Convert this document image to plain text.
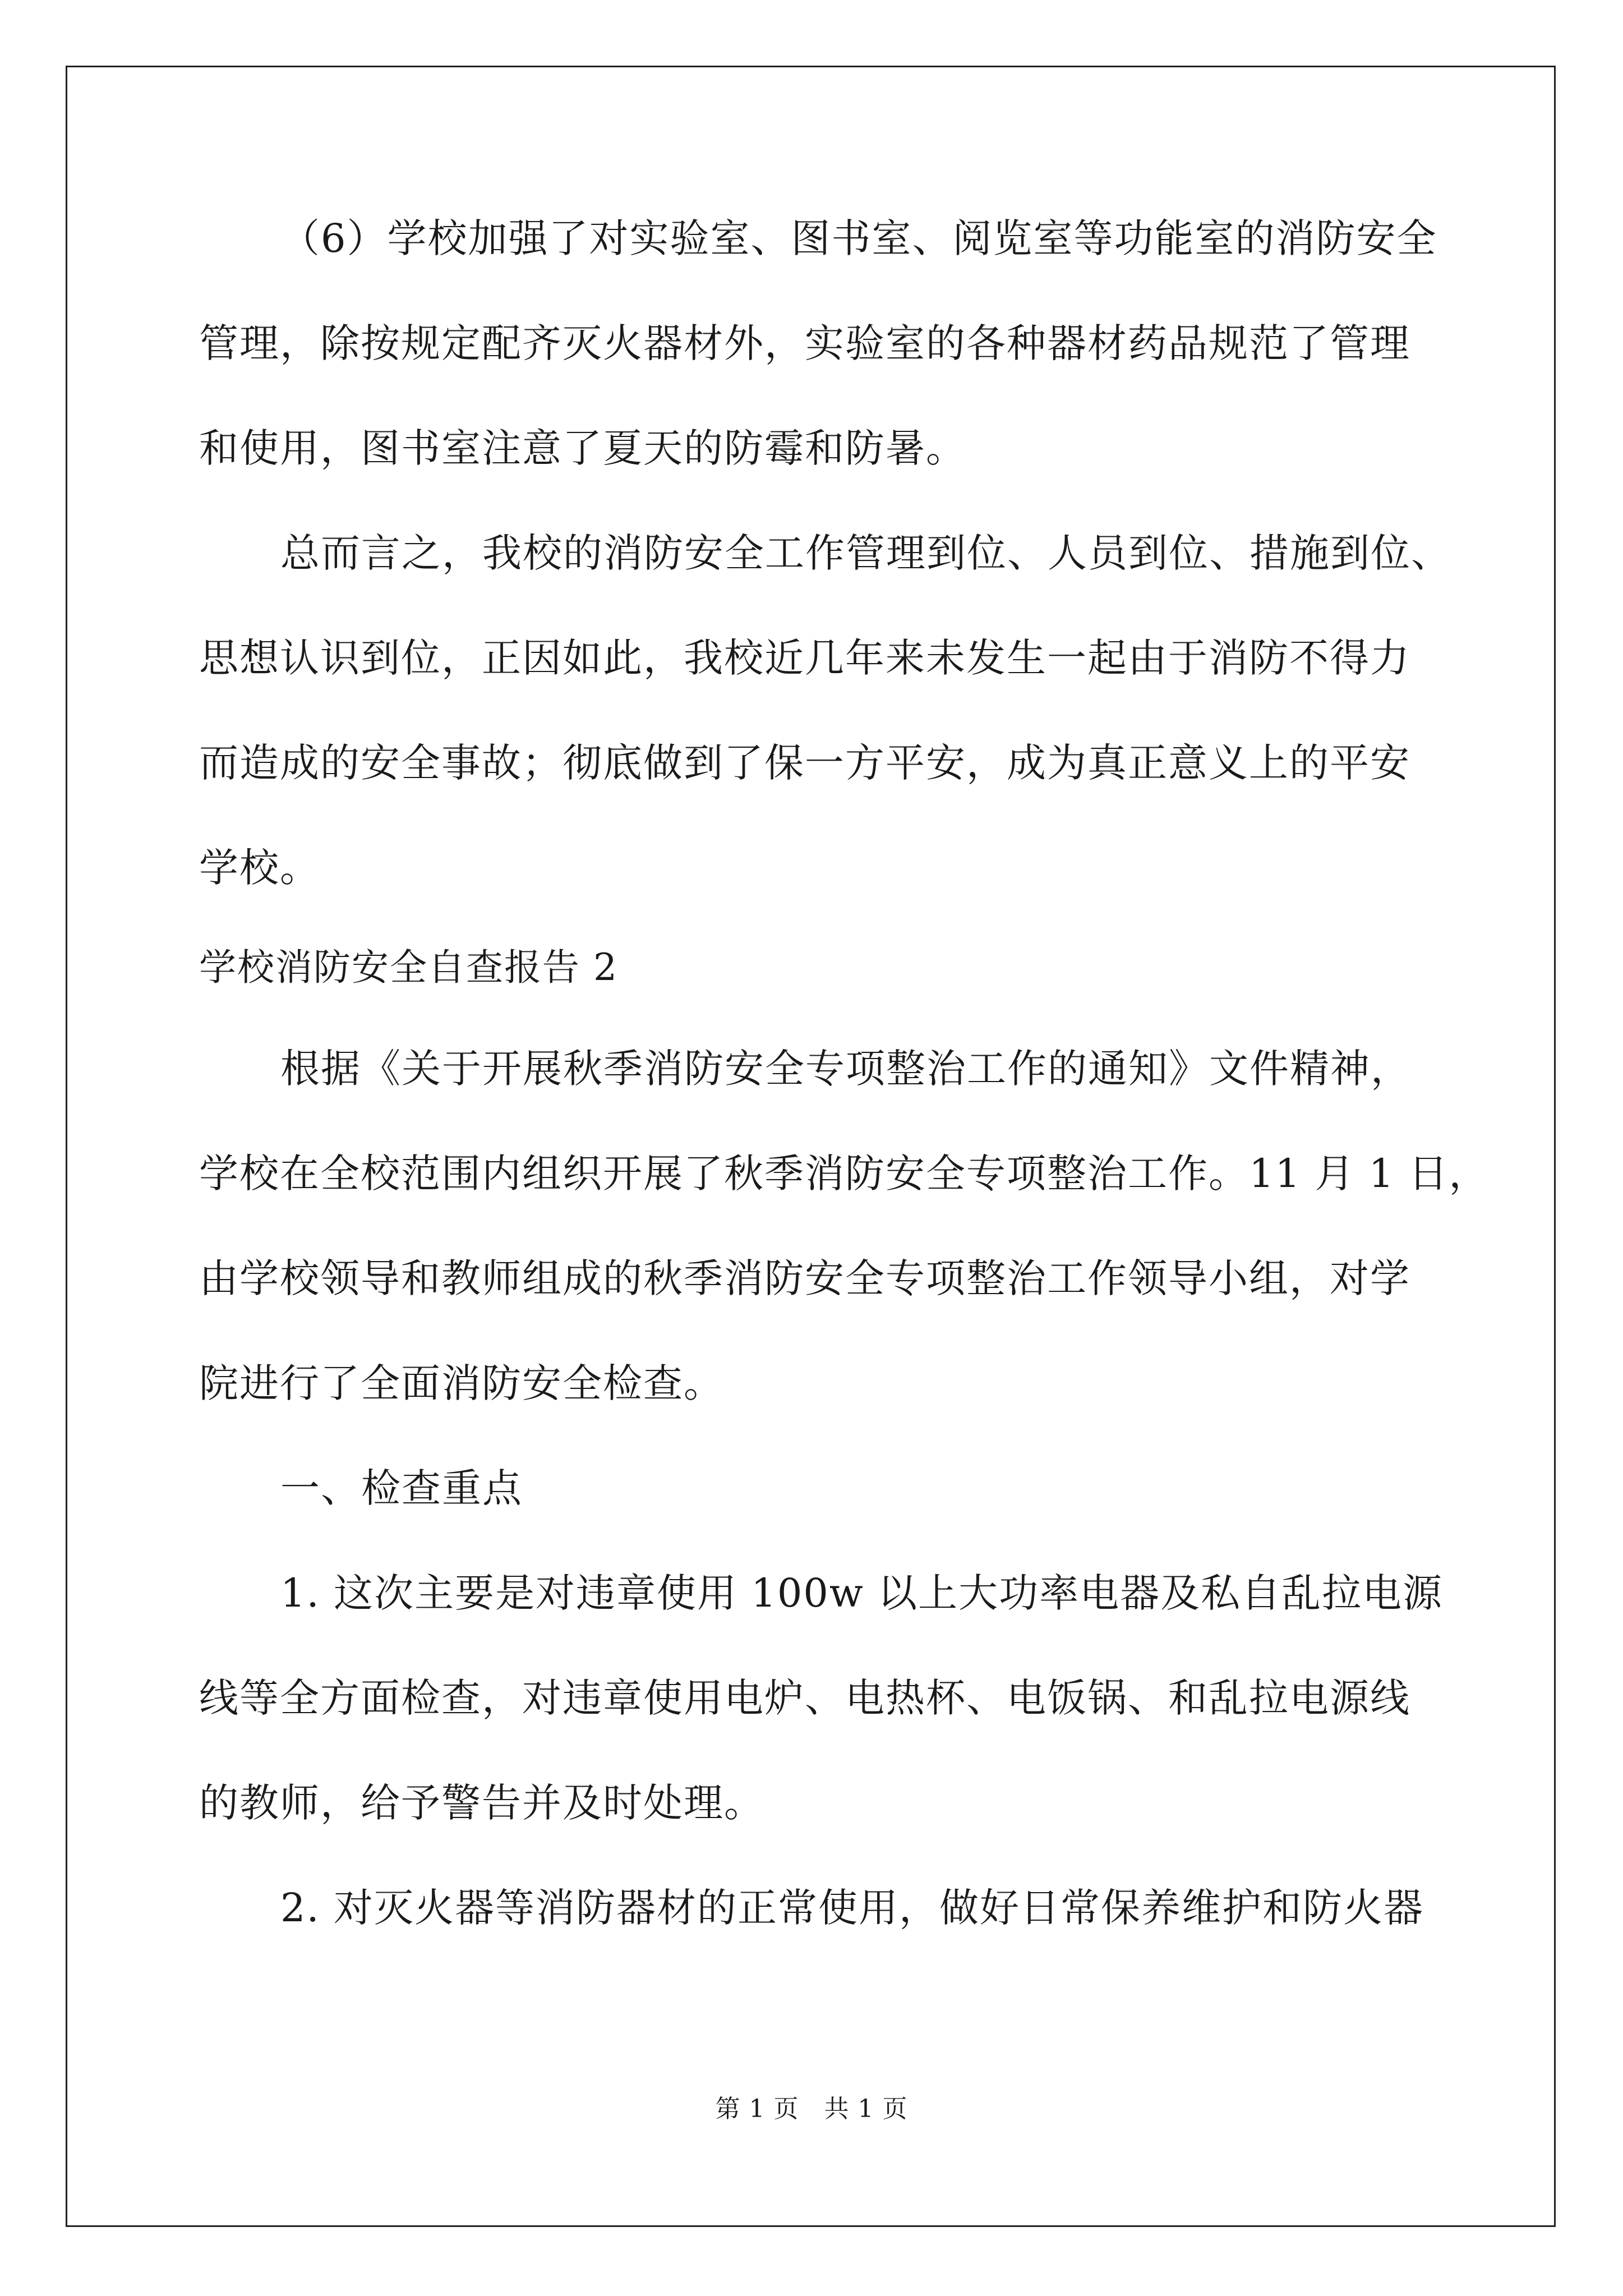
（6）学校加强了对实验室、图书室、阅览室等功能室的消防安全
管理，除按规定配齐灭火器材外，实验室的各种器材药品规范了管理
和使用，图书室注意了夏天的防霉和防暑。
总而言之，我校的消防安全工作管理到位、人员到位、措施到位、
思想认识到位，正因如此，我校近几年来未发生一起由于消防不得力
而造成的安全事故；彻底做到了保一方平安，成为真正意义上的平安
学校。
学校消防安全自查报告 2
根据《关于开展秋季消防安全专项整治工作的通知》文件精神，
学校在全校范围内组织开展了秋季消防安全专项整治工作。11 月 1 日，
由学校领导和教师组成的秋季消防安全专项整治工作领导小组，对学
院进行了全面消防安全检查。
一、检查重点
1. 这次主要是对违章使用 100w 以上大功率电器及私自乱拉电源
线等全方面检查，对违章使用电炉、电热杯、电饭锅、和乱拉电源线
的教师，给予警告并及时处理。
2. 对灭火器等消防器材的正常使用，做好日常保养维护和防火器
第 1 页　共 1 页
